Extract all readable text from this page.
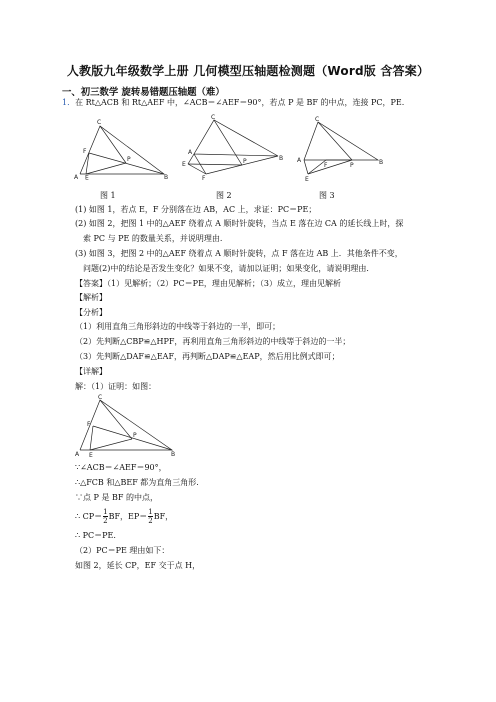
人教版九年级数学上册 几何模型压轴题检测题（Word版 含答案）
一、初三数学 旋转易错题压轴题（难）
1．在 Rt△ACB 和 Rt△AEF 中，∠ACB＝∠AEF＝90°，若点 P 是 BF 的中点，连接 PC，PE.
C
F
P
A E	B
图 1
C
A
E	P
F
B
图 2
C
A
F	P
E
B
图 3
(1) 如图 1，若点 E，F 分别落在边 AB，AC 上，求证：PC＝PE；
(2) 如图 2，把图 1 中的△AEF 绕着点 A 顺时针旋转，当点 E 落在边 CA 的延长线上时，探
索 PC 与 PE 的数量关系，并说明理由.
(3) 如图 3，把图 2 中的△AEF 绕着点 A 顺时针旋转，点 F 落在边 AB 上．其他条件不变，
问题(2)中的结论是否发生变化？如果不变，请加以证明；如果变化，请说明理由．
【答案】（1）见解析；（2）PC＝PE，理由见解析；（3）成立，理由见解析
【解析】
【分析】
（1）利用直角三角形斜边的中线等于斜边的一半，即可；
（2）先判断△CBP≌△HPF，再利用直角三角形斜边的中线等于斜边的一半；
（3）先判断△DAF≌△EAF，再判断△DAP≌△EAP，然后用比例式即可；
【详解】
解：（1）证明：如图：
C
F
P
A E	B
∵∠ACB＝∠AEF＝90°，
∴△FCB 和△BEF 都为直角三角形.
∵点 P 是 BF 的中点，
∴ $CP= \frac{1}{2}$ BF，$EP= \frac{1}{2}$ BF，
∴ PC＝PE.
（2）PC＝PE 理由如下：
如图 2，延长 CP，EF 交于点 H，
